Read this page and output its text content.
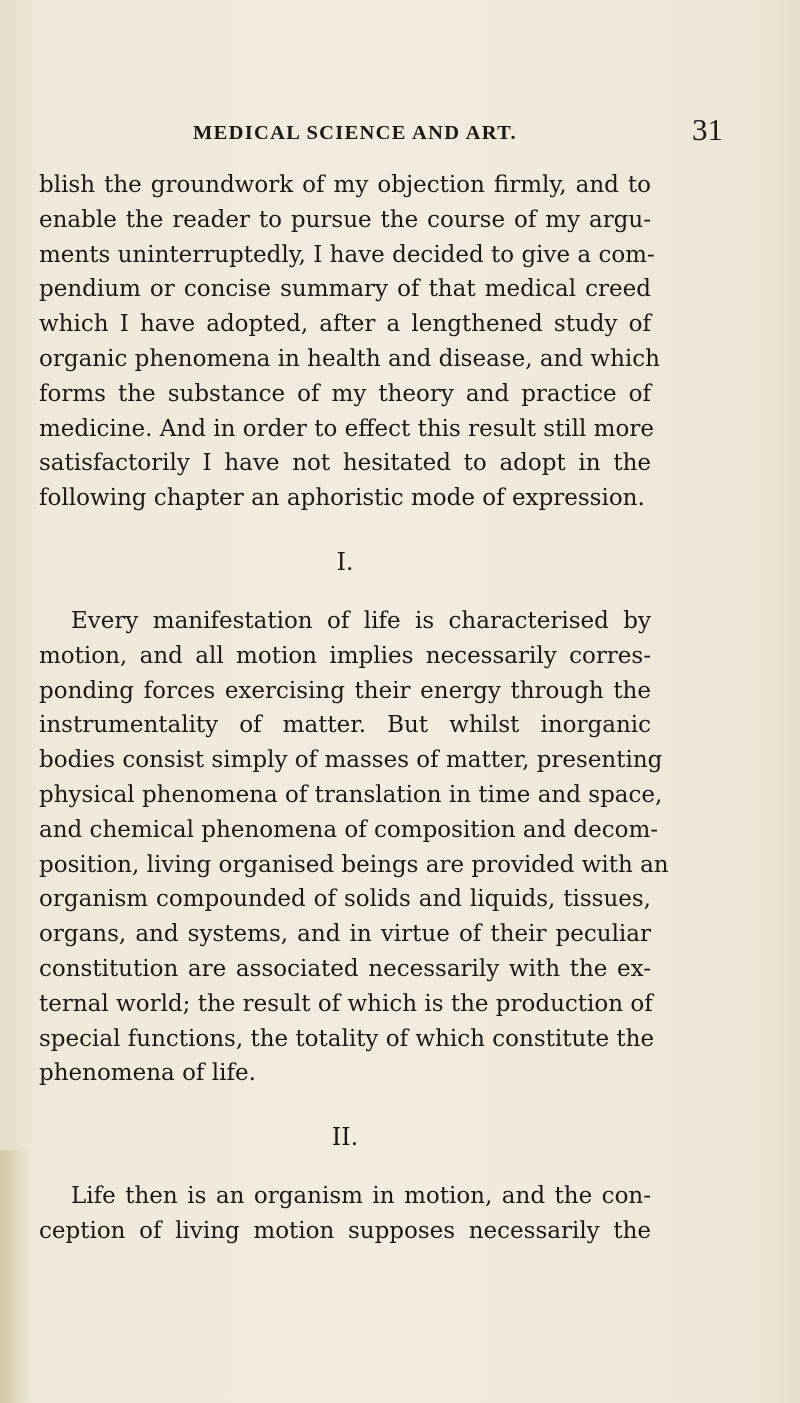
MEDICAL SCIENCE AND ART.	31
blish the groundwork of my objection firmly, and to
enable the reader to pursue the course of my argu-
ments uninterruptedly, I have decided to give a com-
pendium or concise summary of that medical creed
which I have adopted, after a lengthened study of
organic phenomena in health and disease, and which
forms the substance of my theory and practice of
medicine. And in order to effect this result still more
satisfactorily I have not hesitated to adopt in the
following chapter an aphoristic mode of expression.
I.
Every manifestation of life is characterised by
motion, and all motion implies necessarily corres-
ponding forces exercising their energy through the
instrumentality of matter. But whilst inorganic
bodies consist simply of masses of matter, presenting
physical phenomena of translation in time and space,
and chemical phenomena of composition and decom-
position, living organised beings are provided with an
organism compounded of solids and liquids, tissues,
organs, and systems, and in virtue of their peculiar
constitution are associated necessarily with the ex-
ternal world; the result of which is the production of
special functions, the totality of which constitute the
phenomena of life.
II.
Life then is an organism in motion, and the con-
ception of living motion supposes necessarily the
